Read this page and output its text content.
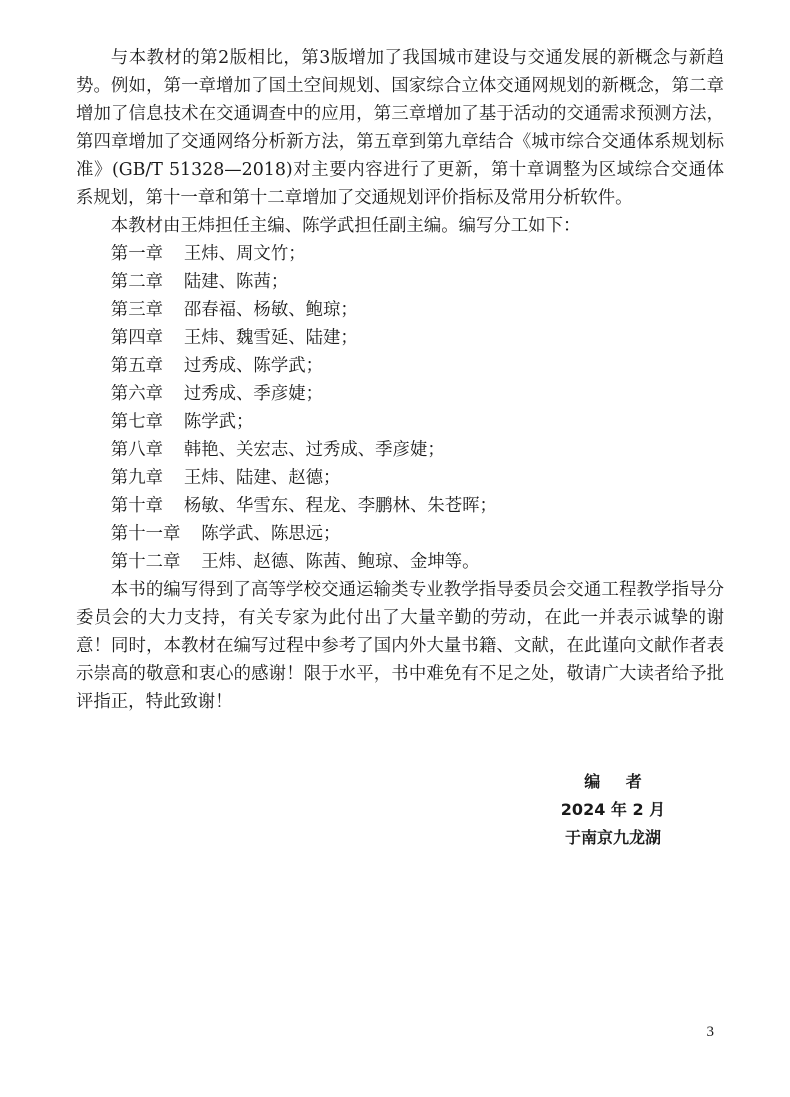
与本教材的第2版相比，第3版增加了我国城市建设与交通发展的新概念与新趋势。例如，第一章增加了国土空间规划、国家综合立体交通网规划的新概念，第二章增加了信息技术在交通调查中的应用，第三章增加了基于活动的交通需求预测方法，第四章增加了交通网络分析新方法，第五章到第九章结合《城市综合交通体系规划标准》(GB/T 51328—2018)对主要内容进行了更新，第十章调整为区域综合交通体系规划，第十一章和第十二章增加了交通规划评价指标及常用分析软件。

本教材由王炜担任主编、陈学武担任副主编。编写分工如下：

第一章 王炜、周文竹；
第二章 陆建、陈茜；
第三章 邵春福、杨敏、鲍琼；
第四章 王炜、魏雪延、陆建；
第五章 过秀成、陈学武；
第六章 过秀成、季彦婕；
第七章 陈学武；
第八章 韩艳、关宏志、过秀成、季彦婕；
第九章 王炜、陆建、赵德；
第十章 杨敏、华雪东、程龙、李鹏林、朱苍晖；
第十一章 陈学武、陈思远；
第十二章 王炜、赵德、陈茜、鲍琼、金坤等。

本书的编写得到了高等学校交通运输类专业教学指导委员会交通工程教学指导分委员会的大力支持，有关专家为此付出了大量辛勤的劳动，在此一并表示诚挚的谢意！同时，本教材在编写过程中参考了国内外大量书籍、文献，在此谨向文献作者表示崇高的敬意和衷心的感谢！限于水平，书中难免有不足之处，敬请广大读者给予批评指正，特此致谢！

编者
2024 年 2 月
于南京九龙湖
3
